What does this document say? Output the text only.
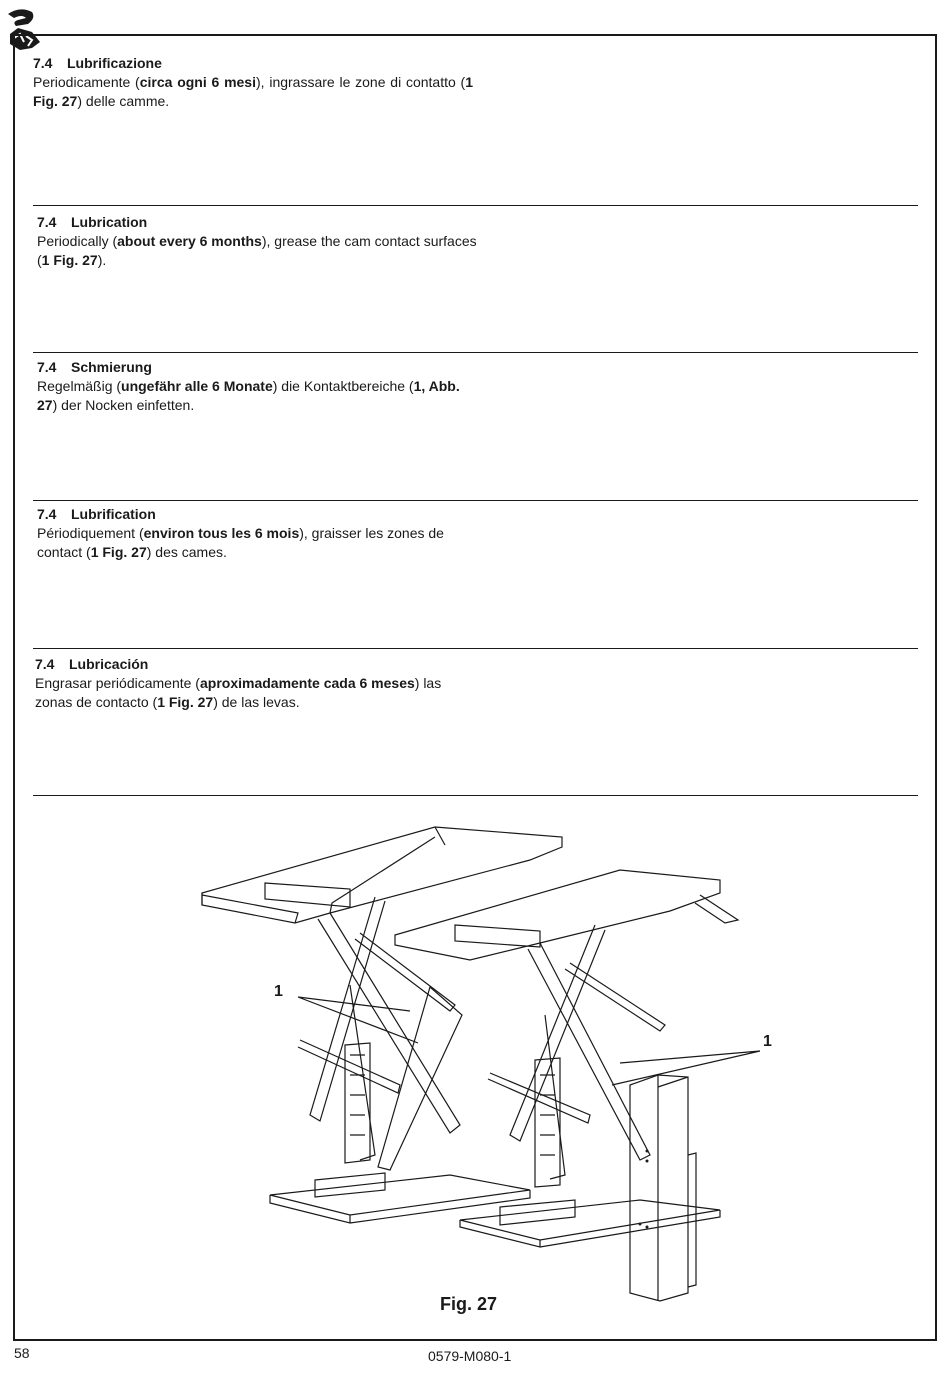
7.4 Lubrificazione

Periodicamente (circa ogni 6 mesi), ingrassare le zone di contatto (1 Fig. 27) delle camme.

7.4 Lubrication

Periodically (about every 6 months), grease the cam contact surfaces (1 Fig. 27).

7.4 Schmierung

Regelmäßig (ungefähr alle 6 Monate) die Kontaktbereiche (1, Abb. 27) der Nocken einfetten.

7.4 Lubrification

Périodiquement (environ tous les 6 mois), graisser les zones de contact (1 Fig. 27) des cames.

7.4 Lubricación

Engrasar periódicamente (aproximadamente cada 6 meses) las zonas de contacto (1 Fig. 27) de las levas.

1
1
Fig. 27
58	0579-M080-1
